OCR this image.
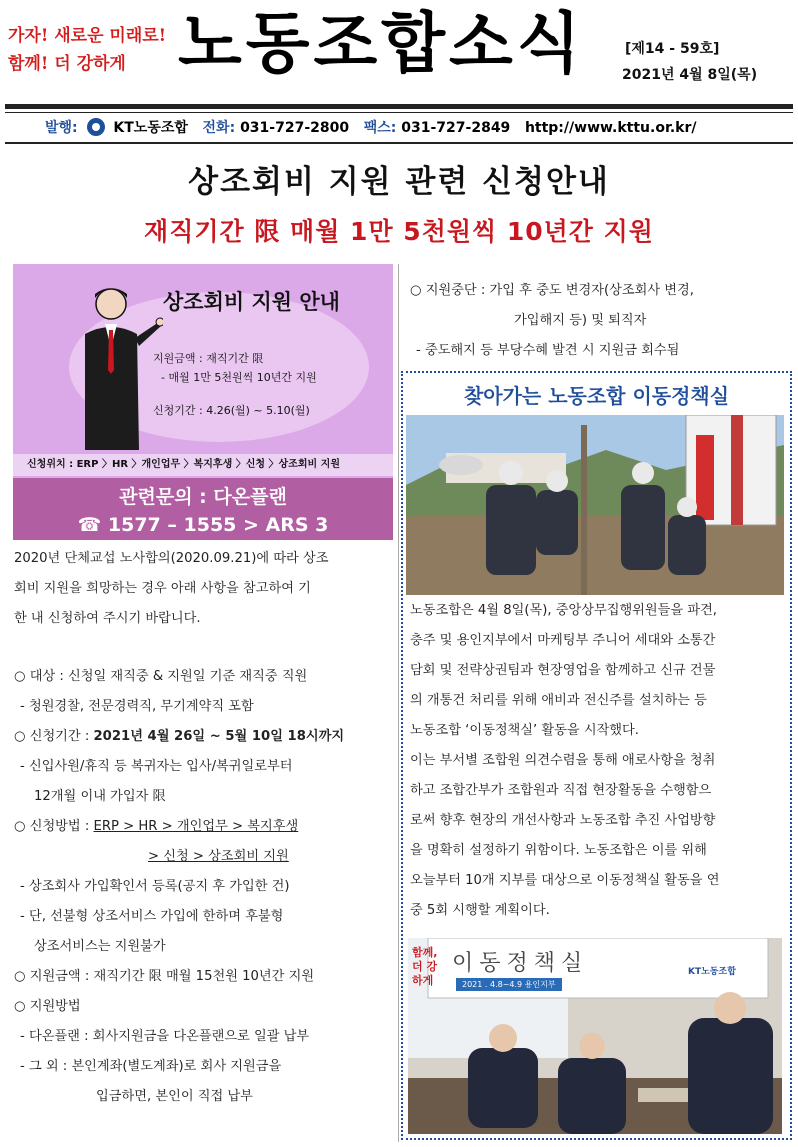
가자! 새로운 미래로!
함께! 더 강하게 노동조합소식	[제14 - 59호]
2021년 4월 8일(목)
발행:	KT노동조합 전화: 031-727-2800 팩스: 031-727-2849 http://www.kttu.or.kr/
상조회비 지원 관련 신청안내
재직기간 限 매월 1만 5천원씩 10년간 지원
상조회비 지원 안내
지원금액 : 재직기간 限
- 매월 1만 5천원씩 10년간 지원
신청기간 : 4.26(월) ~ 5.10(월)
신청위치 : ERP 〉HR 〉개인업무 〉복지후생 〉신청 〉상조회비 지원
관련문의 : 다온플랜
☎ 1577 – 1555 > ARS 3
2020년 단체교섭 노사합의(2020.09.21)에 따라 상조
회비 지원을 희망하는 경우 아래 사항을 참고하여 기
한 내 신청하여 주시기 바랍니다.
○ 대상 : 신청일 재직중 & 지원일 기준 재직중 직원
- 청원경찰, 전문경력직, 무기계약직 포함
○ 신청기간 : 2021년 4월 26일 ~ 5월 10일 18시까지
- 신입사원/휴직 등 복귀자는 입사/복귀일로부터
12개월 이내 가입자 限
○ 신청방법 : ERP > HR > 개인업무 > 복지후생
> 신청 > 상조회비 지원
- 상조회사 가입확인서 등록(공지 후 가입한 건)
- 단, 선불형 상조서비스 가입에 한하며 후불형
상조서비스는 지원불가
○ 지원금액 : 재직기간 限 매월 15천원 10년간 지원
○ 지원방법
- 다온플랜 : 회사지원금을 다온플랜으로 일괄 납부
- 그 외 : 본인계좌(별도계좌)로 회사 지원금을
입금하면, 본인이 직접 납부
○ 지원중단 : 가입 후 중도 변경자(상조회사 변경,
가입해지 등) 및 퇴직자
- 중도해지 등 부당수혜 발견 시 지원금 회수됨
찾아가는 노동조합 이동정책실
노동조합은 4월 8일(목), 중앙상무집행위원들을 파견,
충주 및 용인지부에서 마케팅부 주니어 세대와 소통간
담회 및 전략상권팀과 현장영업을 함께하고 신규 건물
의 개통건 처리를 위해 애비과 전신주를 설치하는 등
노동조합 ‘이동정책실’ 활동을 시작했다.
이는 부서별 조합원 의견수렴을 통해 애로사항을 청취
하고 조합간부가 조합원과 직접 현장활동을 수행함으
로써 향후 현장의 개선사항과 노동조합 추진 사업방향
을 명확히 설정하기 위함이다. 노동조합은 이를 위해
오늘부터 10개 지부를 대상으로 이동정책실 활동을 연
중 5회 시행할 계획이다.
함께, 더 강하게
이동정책실
2021 . 4.8~4.9 용인지부
KT노동조합
